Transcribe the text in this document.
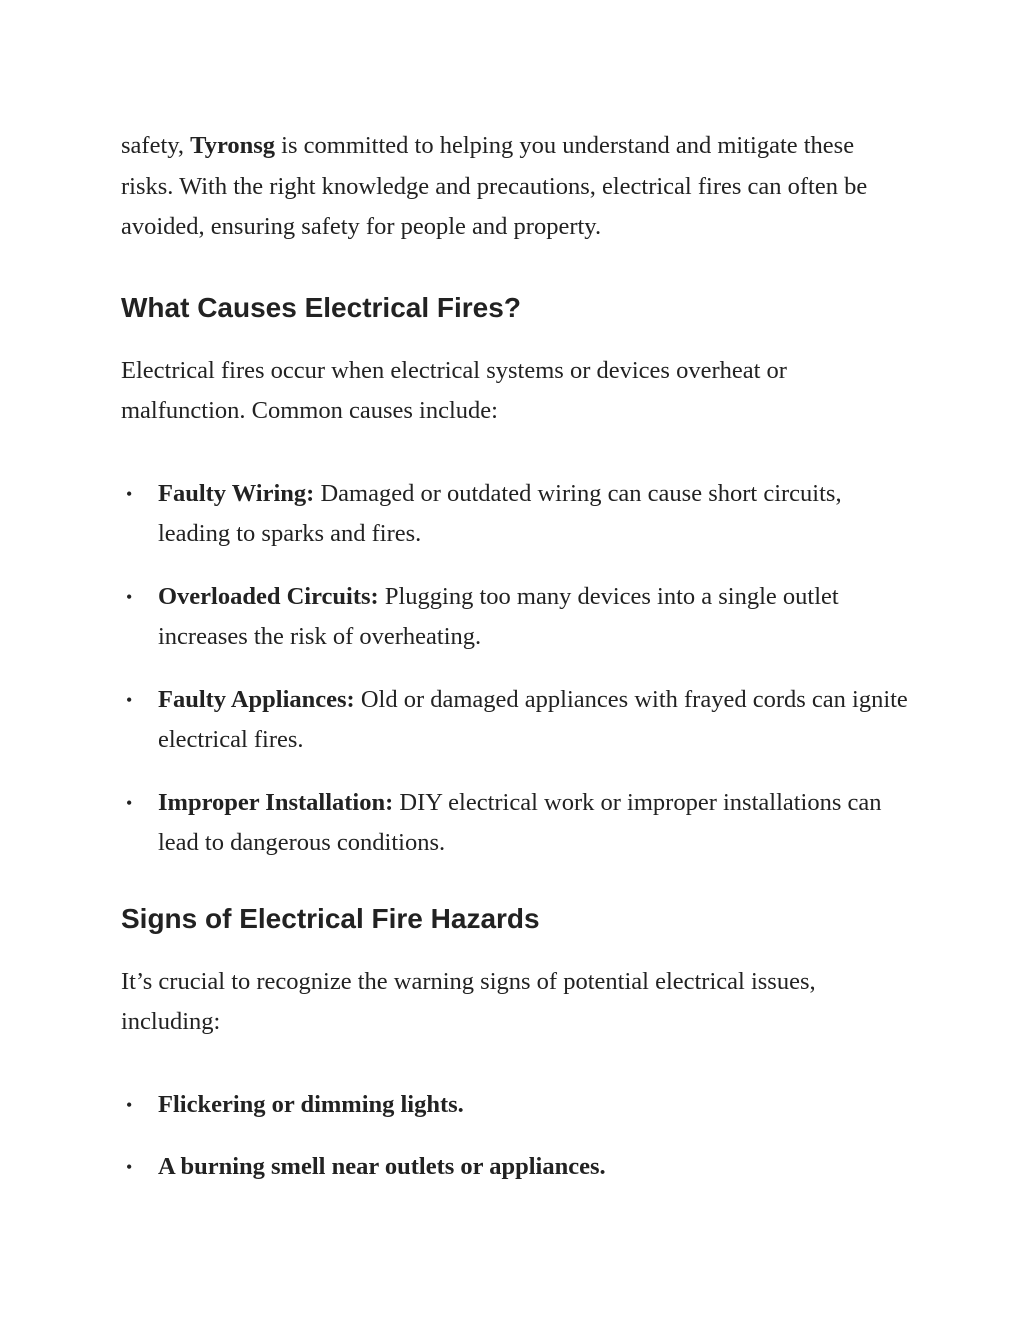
safety, Tyronsg is committed to helping you understand and mitigate these risks. With the right knowledge and precautions, electrical fires can often be avoided, ensuring safety for people and property.

What Causes Electrical Fires?

Electrical fires occur when electrical systems or devices overheat or malfunction. Common causes include:

• Faulty Wiring: Damaged or outdated wiring can cause short circuits, leading to sparks and fires.
• Overloaded Circuits: Plugging too many devices into a single outlet increases the risk of overheating.
• Faulty Appliances: Old or damaged appliances with frayed cords can ignite electrical fires.
• Improper Installation: DIY electrical work or improper installations can lead to dangerous conditions.
Signs of Electrical Fire Hazards

It’s crucial to recognize the warning signs of potential electrical issues, including:

• Flickering or dimming lights.
• A burning smell near outlets or appliances.
